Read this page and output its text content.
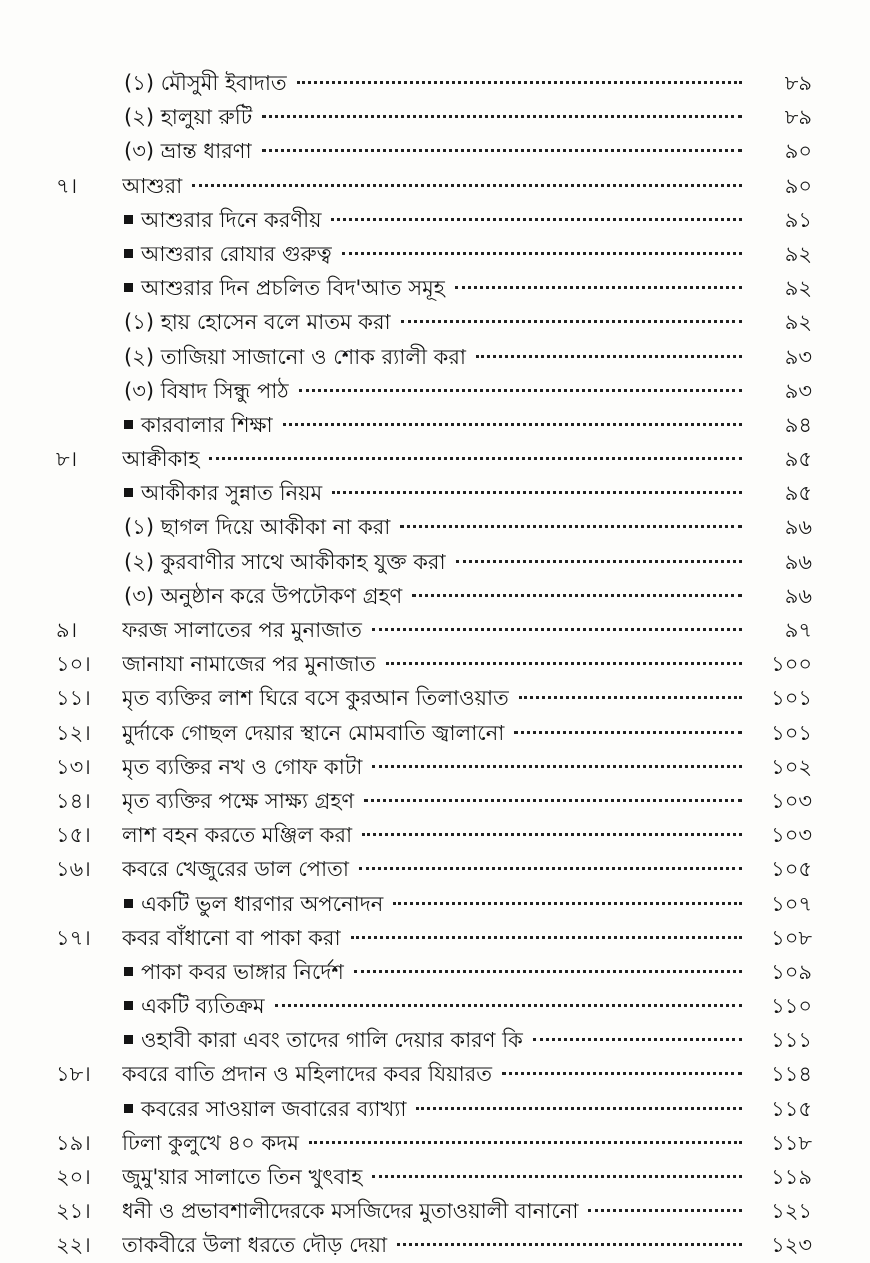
(১) মৌসুমী ইবাদাত	৮৯
(২) হালুয়া রুটি	৮৯
(৩) ভ্রান্ত ধারণা	৯০
৭।	আশুরা	৯০
আশুরার দিনে করণীয়	৯১
আশুরার রোযার গুরুত্ব	৯২
আশুরার দিন প্রচলিত বিদ'আত সমূহ	৯২
(১) হায় হোসেন বলে মাতম করা	৯২
(২) তাজিয়া সাজানো ও শোক র‍্যালী করা	৯৩
(৩) বিষাদ সিন্ধু পাঠ	৯৩
কারবালার শিক্ষা	৯৪
৮।	আক্বীকাহ	৯৫
আকীকার সুন্নাত নিয়ম	৯৫
(১) ছাগল দিয়ে আকীকা না করা	৯৬
(২) কুরবাণীর সাথে আকীকাহ যুক্ত করা	৯৬
(৩) অনুষ্ঠান করে উপঢৌকণ গ্রহণ	৯৬
৯।	ফরজ সালাতের পর মুনাজাত	৯৭
১০।	জানাযা নামাজের পর মুনাজাত	১০০
১১।	মৃত ব্যক্তির লাশ ঘিরে বসে কুরআন তিলাওয়াত	১০১
১২।	মুর্দাকে গোছল দেয়ার স্থানে মোমবাতি জ্বালানো	১০১
১৩।	মৃত ব্যক্তির নখ ও গোফ কাটা	১০২
১৪।	মৃত ব্যক্তির পক্ষে সাক্ষ্য গ্রহণ	১০৩
১৫।	লাশ বহন করতে মঞ্জিল করা	১০৩
১৬।	কবরে খেজুরের ডাল পোতা	১০৫
একটি ভুল ধারণার অপনোদন	১০৭
১৭।	কবর বাঁধানো বা পাকা করা	১০৮
পাকা কবর ভাঙ্গার নির্দেশ	১০৯
একটি ব্যতিক্রম	১১০
ওহাবী কারা এবং তাদের গালি দেয়ার কারণ কি	১১১
১৮।	কবরে বাতি প্রদান ও মহিলাদের কবর যিয়ারত	১১৪
কবরের সাওয়াল জবারের ব্যাখ্যা	১১৫
১৯।	ঢিলা কুলুখে ৪০ কদম	১১৮
২০।	জুমু'য়ার সালাতে তিন খুৎবাহ	১১৯
২১।	ধনী ও প্রভাবশালীদেরকে মসজিদের মুতাওয়ালী বানানো	১২১
২২।	তাকবীরে উলা ধরতে দৌড় দেয়া	১২৩
